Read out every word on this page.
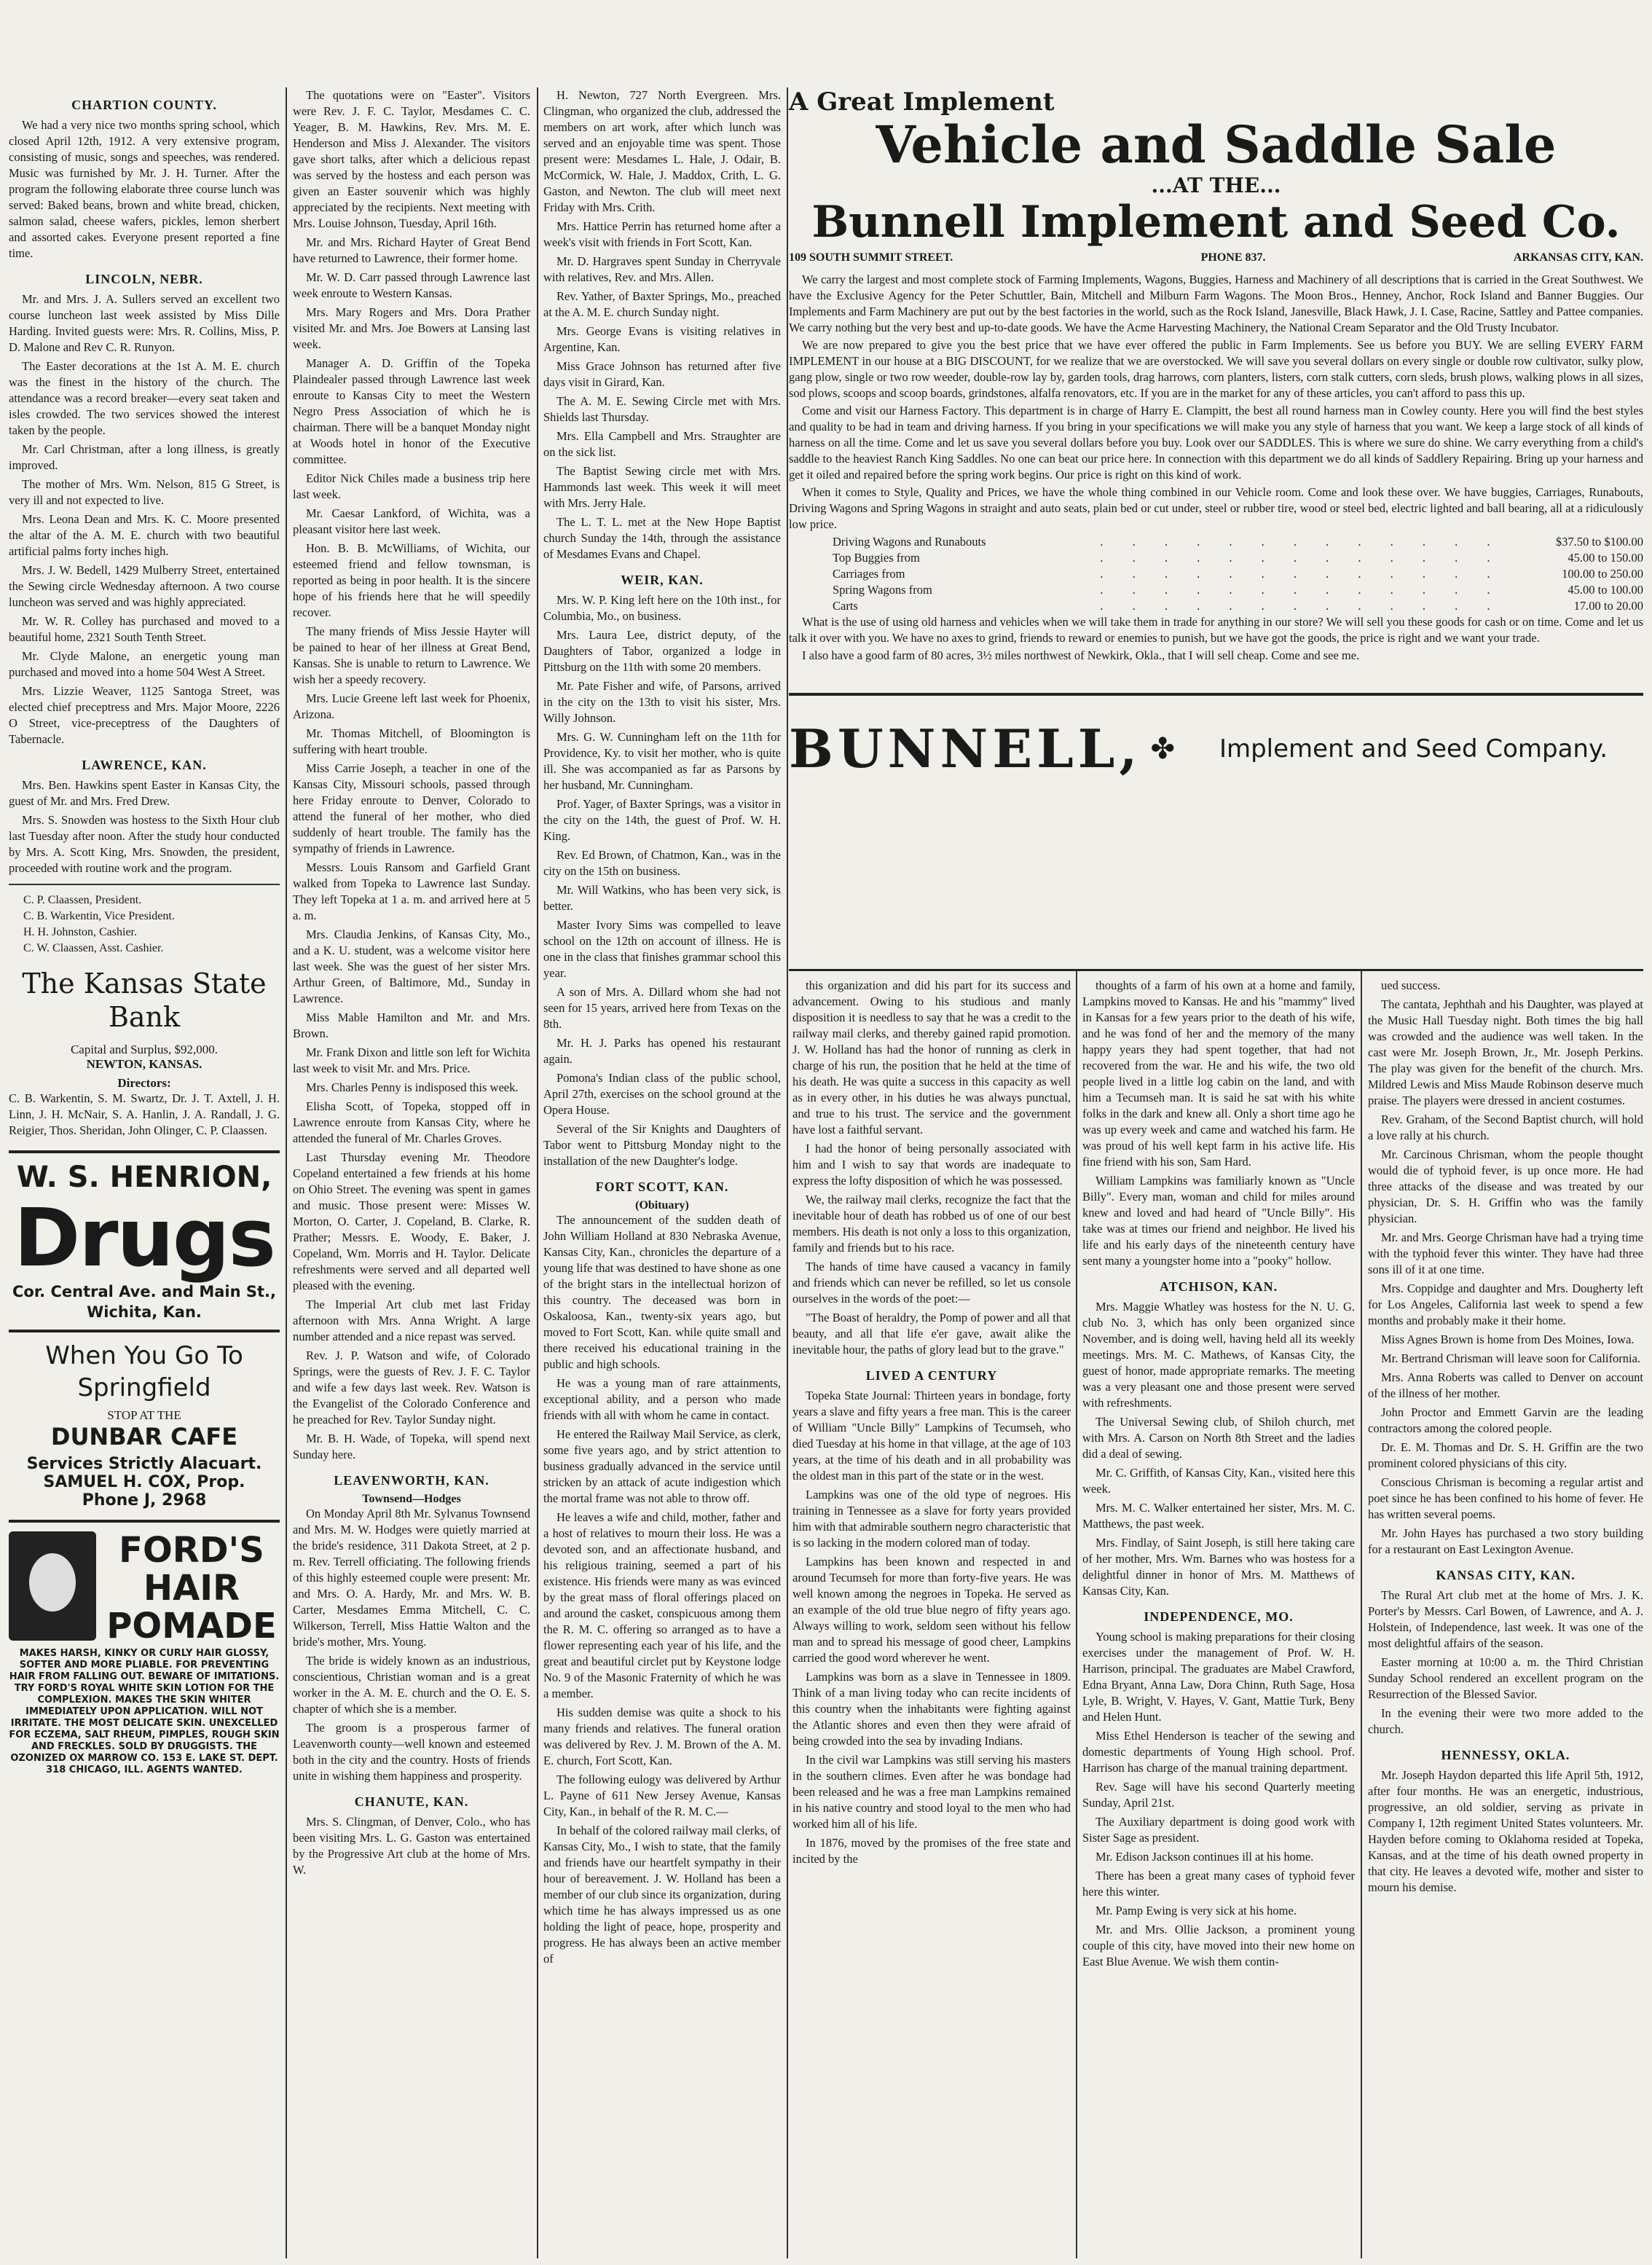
CHARTION COUNTY.

We had a very nice two months spring school, which closed April 12th, 1912. A very extensive program, consisting of music, songs and speeches, was rendered. Music was furnished by Mr. J. H. Turner. After the program the following elaborate three course lunch was served: Baked beans, brown and white bread, chicken, salmon salad, cheese wafers, pickles, lemon sherbert and assorted cakes. Everyone present reported a fine time.

LINCOLN, NEBR.

Mr. and Mrs. J. A. Sullers served an excellent two course luncheon last week assisted by Miss Dille Harding. Invited guests were: Mrs. R. Collins, Miss, P. D. Malone and Rev C. R. Runyon.

The Easter decorations at the 1st A. M. E. church was the finest in the history of the church. The attendance was a record breaker—every seat taken and isles crowded. The two services showed the interest taken by the people.

Mr. Carl Christman, after a long illness, is greatly improved.

The mother of Mrs. Wm. Nelson, 815 G Street, is very ill and not expected to live.

Mrs. Leona Dean and Mrs. K. C. Moore presented the altar of the A. M. E. church with two beautiful artificial palms forty inches high.

Mrs. J. W. Bedell, 1429 Mulberry Street, entertained the Sewing circle Wednesday afternoon. A two course luncheon was served and was highly appreciated.

Mr. W. R. Colley has purchased and moved to a beautiful home, 2321 South Tenth Street.

Mr. Clyde Malone, an energetic young man purchased and moved into a home 504 West A Street.

Mrs. Lizzie Weaver, 1125 Santoga Street, was elected chief preceptress and Mrs. Major Moore, 2226 O Street, vice-preceptress of the Daughters of Tabernacle.

LAWRENCE, KAN.

Mrs. Ben. Hawkins spent Easter in Kansas City, the guest of Mr. and Mrs. Fred Drew.

Mrs. S. Snowden was hostess to the Sixth Hour club last Tuesday after noon. After the study hour conducted by Mrs. A. Scott King, Mrs. Snowden, the president, proceeded with routine work and the program.

C. P. Claassen, President.
C. B. Warkentin, Vice President.
H. H. Johnston, Cashier.
C. W. Claassen, Asst. Cashier.
The Kansas State Bank
Capital and Surplus, $92,000.
NEWTON, KANSAS.
Directors:

C. B. Warkentin, S. M. Swartz, Dr. J. T. Axtell, J. H. Linn, J. H. McNair, S. A. Hanlin, J. A. Randall, J. G. Reigier, Thos. Sheridan, John Olinger, C. P. Claassen.

W. S. HENRION,
Drugs
Cor. Central Ave. and Main St., Wichita, Kan.
When You Go To
Springfield
STOP AT THE
DUNBAR CAFE
Services Strictly Alacuart.
SAMUEL H. COX, Prop.
Phone J, 2968
FORD'S HAIR POMADE
MAKES HARSH, KINKY OR CURLY HAIR GLOSSY, SOFTER AND MORE PLIABLE. FOR PREVENTING HAIR FROM FALLING OUT. BEWARE OF IMITATIONS. TRY FORD'S ROYAL WHITE SKIN LOTION FOR THE COMPLEXION. MAKES THE SKIN WHITER IMMEDIATELY UPON APPLICATION. WILL NOT IRRITATE. THE MOST DELICATE SKIN. UNEXCELLED FOR ECZEMA, SALT RHEUM, PIMPLES, ROUGH SKIN AND FRECKLES. SOLD BY DRUGGISTS. THE OZONIZED OX MARROW CO. 153 E. LAKE ST. DEPT. 318 CHICAGO, ILL. AGENTS WANTED.

The quotations were on "Easter". Visitors were Rev. J. F. C. Taylor, Mesdames C. C. Yeager, B. M. Hawkins, Rev. Mrs. M. E. Henderson and Miss J. Alexander. The visitors gave short talks, after which a delicious repast was served by the hostess and each person was given an Easter souvenir which was highly appreciated by the recipients. Next meeting with Mrs. Louise Johnson, Tuesday, April 16th.

Mr. and Mrs. Richard Hayter of Great Bend have returned to Lawrence, their former home.

Mr. W. D. Carr passed through Lawrence last week enroute to Western Kansas.

Mrs. Mary Rogers and Mrs. Dora Prather visited Mr. and Mrs. Joe Bowers at Lansing last week.

Manager A. D. Griffin of the Topeka Plaindealer passed through Lawrence last week enroute to Kansas City to meet the Western Negro Press Association of which he is chairman. There will be a banquet Monday night at Woods hotel in honor of the Executive committee.

Editor Nick Chiles made a business trip here last week.

Mr. Caesar Lankford, of Wichita, was a pleasant visitor here last week.

Hon. B. B. McWilliams, of Wichita, our esteemed friend and fellow townsman, is reported as being in poor health. It is the sincere hope of his friends here that he will speedily recover.

The many friends of Miss Jessie Hayter will be pained to hear of her illness at Great Bend, Kansas. She is unable to return to Lawrence. We wish her a speedy recovery.

Mrs. Lucie Greene left last week for Phoenix, Arizona.

Mr. Thomas Mitchell, of Bloomington is suffering with heart trouble.

Miss Carrie Joseph, a teacher in one of the Kansas City, Missouri schools, passed through here Friday enroute to Denver, Colorado to attend the funeral of her mother, who died suddenly of heart trouble. The family has the sympathy of friends in Lawrence.

Messrs. Louis Ransom and Garfield Grant walked from Topeka to Lawrence last Sunday. They left Topeka at 1 a. m. and arrived here at 5 a. m.

Mrs. Claudia Jenkins, of Kansas City, Mo., and a K. U. student, was a welcome visitor here last week. She was the guest of her sister Mrs. Arthur Green, of Baltimore, Md., Sunday in Lawrence.

Miss Mable Hamilton and Mr. and Mrs. Brown.

Mr. Frank Dixon and little son left for Wichita last week to visit Mr. and Mrs. Price.

Mrs. Charles Penny is indisposed this week.

Elisha Scott, of Topeka, stopped off in Lawrence enroute from Kansas City, where he attended the funeral of Mr. Charles Groves.

Last Thursday evening Mr. Theodore Copeland entertained a few friends at his home on Ohio Street. The evening was spent in games and music. Those present were: Misses W. Morton, O. Carter, J. Copeland, B. Clarke, R. Prather; Messrs. E. Woody, E. Baker, J. Copeland, Wm. Morris and H. Taylor. Delicate refreshments were served and all departed well pleased with the evening.

The Imperial Art club met last Friday afternoon with Mrs. Anna Wright. A large number attended and a nice repast was served.

Rev. J. P. Watson and wife, of Colorado Springs, were the guests of Rev. J. F. C. Taylor and wife a few days last week. Rev. Watson is the Evangelist of the Colorado Conference and he preached for Rev. Taylor Sunday night.

Mr. B. H. Wade, of Topeka, will spend next Sunday here.

LEAVENWORTH, KAN.
Townsend—Hodges

On Monday April 8th Mr. Sylvanus Townsend and Mrs. M. W. Hodges were quietly married at the bride's residence, 311 Dakota Street, at 2 p. m. Rev. Terrell officiating. The following friends of this highly esteemed couple were present: Mr. and Mrs. O. A. Hardy, Mr. and Mrs. W. B. Carter, Mesdames Emma Mitchell, C. C. Wilkerson, Terrell, Miss Hattie Walton and the bride's mother, Mrs. Young.

The bride is widely known as an industrious, conscientious, Christian woman and is a great worker in the A. M. E. church and the O. E. S. chapter of which she is a member.

The groom is a prosperous farmer of Leavenworth county—well known and esteemed both in the city and the country. Hosts of friends unite in wishing them happiness and prosperity.

CHANUTE, KAN.

Mrs. S. Clingman, of Denver, Colo., who has been visiting Mrs. L. G. Gaston was entertained by the Progressive Art club at the home of Mrs. W.

H. Newton, 727 North Evergreen. Mrs. Clingman, who organized the club, addressed the members on art work, after which lunch was served and an enjoyable time was spent. Those present were: Mesdames L. Hale, J. Odair, B. McCormick, W. Hale, J. Maddox, Crith, L. G. Gaston, and Newton. The club will meet next Friday with Mrs. Crith.

Mrs. Hattice Perrin has returned home after a week's visit with friends in Fort Scott, Kan.

Mr. D. Hargraves spent Sunday in Cherryvale with relatives, Rev. and Mrs. Allen.

Rev. Yather, of Baxter Springs, Mo., preached at the A. M. E. church Sunday night.

Mrs. George Evans is visiting relatives in Argentine, Kan.

Miss Grace Johnson has returned after five days visit in Girard, Kan.

The A. M. E. Sewing Circle met with Mrs. Shields last Thursday.

Mrs. Ella Campbell and Mrs. Straughter are on the sick list.

The Baptist Sewing circle met with Mrs. Hammonds last week. This week it will meet with Mrs. Jerry Hale.

The L. T. L. met at the New Hope Baptist church Sunday the 14th, through the assistance of Mesdames Evans and Chapel.

WEIR, KAN.

Mrs. W. P. King left here on the 10th inst., for Columbia, Mo., on business.

Mrs. Laura Lee, district deputy, of the Daughters of Tabor, organized a lodge in Pittsburg on the 11th with some 20 members.

Mr. Pate Fisher and wife, of Parsons, arrived in the city on the 13th to visit his sister, Mrs. Willy Johnson.

Mrs. G. W. Cunningham left on the 11th for Providence, Ky. to visit her mother, who is quite ill. She was accompanied as far as Parsons by her husband, Mr. Cunningham.

Prof. Yager, of Baxter Springs, was a visitor in the city on the 14th, the guest of Prof. W. H. King.

Rev. Ed Brown, of Chatmon, Kan., was in the city on the 15th on business.

Mr. Will Watkins, who has been very sick, is better.

Master Ivory Sims was compelled to leave school on the 12th on account of illness. He is one in the class that finishes grammar school this year.

A son of Mrs. A. Dillard whom she had not seen for 15 years, arrived here from Texas on the 8th.

Mr. H. J. Parks has opened his restaurant again.

Pomona's Indian class of the public school, April 27th, exercises on the school ground at the Opera House.

Several of the Sir Knights and Daughters of Tabor went to Pittsburg Monday night to the installation of the new Daughter's lodge.

FORT SCOTT, KAN.
(Obituary)

The announcement of the sudden death of John William Holland at 830 Nebraska Avenue, Kansas City, Kan., chronicles the departure of a young life that was destined to have shone as one of the bright stars in the intellectual horizon of this country. The deceased was born in Oskaloosa, Kan., twenty-six years ago, but moved to Fort Scott, Kan. while quite small and there received his educational training in the public and high schools.

He was a young man of rare attainments, exceptional ability, and a person who made friends with all with whom he came in contact.

He entered the Railway Mail Service, as clerk, some five years ago, and by strict attention to business gradually advanced in the service until stricken by an attack of acute indigestion which the mortal frame was not able to throw off.

He leaves a wife and child, mother, father and a host of relatives to mourn their loss. He was a devoted son, and an affectionate husband, and his religious training, seemed a part of his existence. His friends were many as was evinced by the great mass of floral offerings placed on and around the casket, conspicuous among them the R. M. C. offering so arranged as to have a flower representing each year of his life, and the great and beautiful circlet put by Keystone lodge No. 9 of the Masonic Fraternity of which he was a member.

His sudden demise was quite a shock to his many friends and relatives. The funeral oration was delivered by Rev. J. M. Brown of the A. M. E. church, Fort Scott, Kan.

The following eulogy was delivered by Arthur L. Payne of 611 New Jersey Avenue, Kansas City, Kan., in behalf of the R. M. C.—

In behalf of the colored railway mail clerks, of Kansas City, Mo., I wish to state, that the family and friends have our heartfelt sympathy in their hour of bereavement. J. W. Holland has been a member of our club since its organization, during which time he has always impressed us as one holding the light of peace, hope, prosperity and progress. He has always been an active member of

A Great Implement
Vehicle and Saddle Sale
...AT THE...
Bunnell Implement and Seed Co.
109 SOUTH SUMMIT STREET.	PHONE 837.	ARKANSAS CITY, KAN.

We carry the largest and most complete stock of Farming Implements, Wagons, Buggies, Harness and Machinery of all descriptions that is carried in the Great Southwest. We have the Exclusive Agency for the Peter Schuttler, Bain, Mitchell and Milburn Farm Wagons. The Moon Bros., Henney, Anchor, Rock Island and Banner Buggies. Our Implements and Farm Machinery are put out by the best factories in the world, such as the Rock Island, Janesville, Black Hawk, J. I. Case, Racine, Sattley and Pattee companies. We carry nothing but the very best and up-to-date goods. We have the Acme Harvesting Machinery, the National Cream Separator and the Old Trusty Incubator.

We are now prepared to give you the best price that we have ever offered the public in Farm Implements. See us before you BUY. We are selling EVERY FARM IMPLEMENT in our house at a BIG DISCOUNT, for we realize that we are overstocked. We will save you several dollars on every single or double row cultivator, sulky plow, gang plow, single or two row weeder, double-row lay by, garden tools, drag harrows, corn planters, listers, corn stalk cutters, corn sleds, brush plows, walking plows in all sizes, sod plows, scoops and scoop boards, grindstones, alfalfa renovators, etc. If you are in the market for any of these articles, you can't afford to pass this up.

Come and visit our Harness Factory. This department is in charge of Harry E. Clampitt, the best all round harness man in Cowley county. Here you will find the best styles and quality to be had in team and driving harness. If you bring in your specifications we will make you any style of harness that you want. We keep a large stock of all kinds of harness on all the time. Come and let us save you several dollars before you buy. Look over our SADDLES. This is where we sure do shine. We carry everything from a child's saddle to the heaviest Ranch King Saddles. No one can beat our price here. In connection with this department we do all kinds of Saddlery Repairing. Bring up your harness and get it oiled and repaired before the spring work begins. Our price is right on this kind of work.

When it comes to Style, Quality and Prices, we have the whole thing combined in our Vehicle room. Come and look these over. We have buggies, Carriages, Runabouts, Driving Wagons and Spring Wagons in straight and auto seats, plain bed or cut under, steel or rubber tire, wood or steel bed, electric lighted and ball bearing, all at a ridiculously low price.

Driving Wagons and Runabouts	. . . . . . . . . . . . .	$37.50 to $100.00
Top Buggies from	. . . . . . . . . . . . .	45.00 to 150.00
Carriages from	. . . . . . . . . . . . .	100.00 to 250.00
Spring Wagons from	. . . . . . . . . . . . .	45.00 to 100.00
Carts	. . . . . . . . . . . . .	17.00 to 20.00

What is the use of using old harness and vehicles when we will take them in trade for anything in our store? We will sell you these goods for cash or on time. Come and let us talk it over with you. We have no axes to grind, friends to reward or enemies to punish, but we have got the goods, the price is right and we want your trade.

I also have a good farm of 80 acres, 3½ miles northwest of Newkirk, Okla., that I will sell cheap. Come and see me.

BUNNELL, ✤	Implement and Seed Company.

this organization and did his part for its success and advancement. Owing to his studious and manly disposition it is needless to say that he was a credit to the railway mail clerks, and thereby gained rapid promotion. J. W. Holland has had the honor of running as clerk in charge of his run, the position that he held at the time of his death. He was quite a success in this capacity as well as in every other, in his duties he was always punctual, and true to his trust. The service and the government have lost a faithful servant.

I had the honor of being personally associated with him and I wish to say that words are inadequate to express the lofty disposition of which he was possessed.

We, the railway mail clerks, recognize the fact that the inevitable hour of death has robbed us of one of our best members. His death is not only a loss to this organization, family and friends but to his race.

The hands of time have caused a vacancy in family and friends which can never be refilled, so let us console ourselves in the words of the poet:—

"The Boast of heraldry, the Pomp of power and all that beauty, and all that life e'er gave, await alike the inevitable hour, the paths of glory lead but to the grave."

LIVED A CENTURY

Topeka State Journal: Thirteen years in bondage, forty years a slave and fifty years a free man. This is the career of William "Uncle Billy" Lampkins of Tecumseh, who died Tuesday at his home in that village, at the age of 103 years, at the time of his death and in all probability was the oldest man in this part of the state or in the west.

Lampkins was one of the old type of negroes. His training in Tennessee as a slave for forty years provided him with that admirable southern negro characteristic that is so lacking in the modern colored man of today.

Lampkins has been known and respected in and around Tecumseh for more than forty-five years. He was well known among the negroes in Topeka. He served as an example of the old true blue negro of fifty years ago. Always willing to work, seldom seen without his fellow man and to spread his message of good cheer, Lampkins carried the good word wherever he went.

Lampkins was born as a slave in Tennessee in 1809. Think of a man living today who can recite incidents of this country when the inhabitants were fighting against the Atlantic shores and even then they were afraid of being crowded into the sea by invading Indians.

In the civil war Lampkins was still serving his masters in the southern climes. Even after he was bondage had been released and he was a free man Lampkins remained in his native country and stood loyal to the men who had worked him all of his life.

In 1876, moved by the promises of the free state and incited by the

thoughts of a farm of his own at a home and family, Lampkins moved to Kansas. He and his "mammy" lived in Kansas for a few years prior to the death of his wife, and he was fond of her and the memory of the many happy years they had spent together, that had not recovered from the war. He and his wife, the two old people lived in a little log cabin on the land, and with him a Tecumseh man. It is said he sat with his white folks in the dark and knew all. Only a short time ago he was up every week and came and watched his farm. He was proud of his well kept farm in his active life. His fine friend with his son, Sam Hard.

William Lampkins was familiarly known as "Uncle Billy". Every man, woman and child for miles around knew and loved and had heard of "Uncle Billy". His take was at times our friend and neighbor. He lived his life and his early days of the nineteenth century have sent many a youngster home into a "pooky" hollow.

ATCHISON, KAN.

Mrs. Maggie Whatley was hostess for the N. U. G. club No. 3, which has only been organized since November, and is doing well, having held all its weekly meetings. Mrs. M. C. Mathews, of Kansas City, the guest of honor, made appropriate remarks. The meeting was a very pleasant one and those present were served with refreshments.

The Universal Sewing club, of Shiloh church, met with Mrs. A. Carson on North 8th Street and the ladies did a deal of sewing.

Mr. C. Griffith, of Kansas City, Kan., visited here this week.

Mrs. M. C. Walker entertained her sister, Mrs. M. C. Matthews, the past week.

Mrs. Findlay, of Saint Joseph, is still here taking care of her mother, Mrs. Wm. Barnes who was hostess for a delightful dinner in honor of Mrs. M. Matthews of Kansas City, Kan.

INDEPENDENCE, MO.

Young school is making preparations for their closing exercises under the management of Prof. W. H. Harrison, principal. The graduates are Mabel Crawford, Edna Bryant, Anna Law, Dora Chinn, Ruth Sage, Hosa Lyle, B. Wright, V. Hayes, V. Gant, Mattie Turk, Beny and Helen Hunt.

Miss Ethel Henderson is teacher of the sewing and domestic departments of Young High school. Prof. Harrison has charge of the manual training department.

Rev. Sage will have his second Quarterly meeting Sunday, April 21st.

The Auxiliary department is doing good work with Sister Sage as president.

Mr. Edison Jackson continues ill at his home.

There has been a great many cases of typhoid fever here this winter.

Mr. Pamp Ewing is very sick at his home.

Mr. and Mrs. Ollie Jackson, a prominent young couple of this city, have moved into their new home on East Blue Avenue. We wish them contin-

ued success.

The cantata, Jephthah and his Daughter, was played at the Music Hall Tuesday night. Both times the big hall was crowded and the audience was well taken. In the cast were Mr. Joseph Brown, Jr., Mr. Joseph Perkins. The play was given for the benefit of the church. Mrs. Mildred Lewis and Miss Maude Robinson deserve much praise. The players were dressed in ancient costumes.

Rev. Graham, of the Second Baptist church, will hold a love rally at his church.

Mr. Carcinous Chrisman, whom the people thought would die of typhoid fever, is up once more. He had three attacks of the disease and was treated by our physician, Dr. S. H. Griffin who was the family physician.

Mr. and Mrs. George Chrisman have had a trying time with the typhoid fever this winter. They have had three sons ill of it at one time.

Mrs. Coppidge and daughter and Mrs. Dougherty left for Los Angeles, California last week to spend a few months and probably make it their home.

Miss Agnes Brown is home from Des Moines, Iowa.

Mr. Bertrand Chrisman will leave soon for California.

Mrs. Anna Roberts was called to Denver on account of the illness of her mother.

John Proctor and Emmett Garvin are the leading contractors among the colored people.

Dr. E. M. Thomas and Dr. S. H. Griffin are the two prominent colored physicians of this city.

Conscious Chrisman is becoming a regular artist and poet since he has been confined to his home of fever. He has written several poems.

Mr. John Hayes has purchased a two story building for a restaurant on East Lexington Avenue.

KANSAS CITY, KAN.

The Rural Art club met at the home of Mrs. J. K. Porter's by Messrs. Carl Bowen, of Lawrence, and A. J. Holstein, of Independence, last week. It was one of the most delightful affairs of the season.

Easter morning at 10:00 a. m. the Third Christian Sunday School rendered an excellent program on the Resurrection of the Blessed Savior.

In the evening their were two more added to the church.

HENNESSY, OKLA.

Mr. Joseph Haydon departed this life April 5th, 1912, after four months. He was an energetic, industrious, progressive, an old soldier, serving as private in Company I, 12th regiment United States volunteers. Mr. Hayden before coming to Oklahoma resided at Topeka, Kansas, and at the time of his death owned property in that city. He leaves a devoted wife, mother and sister to mourn his demise.
